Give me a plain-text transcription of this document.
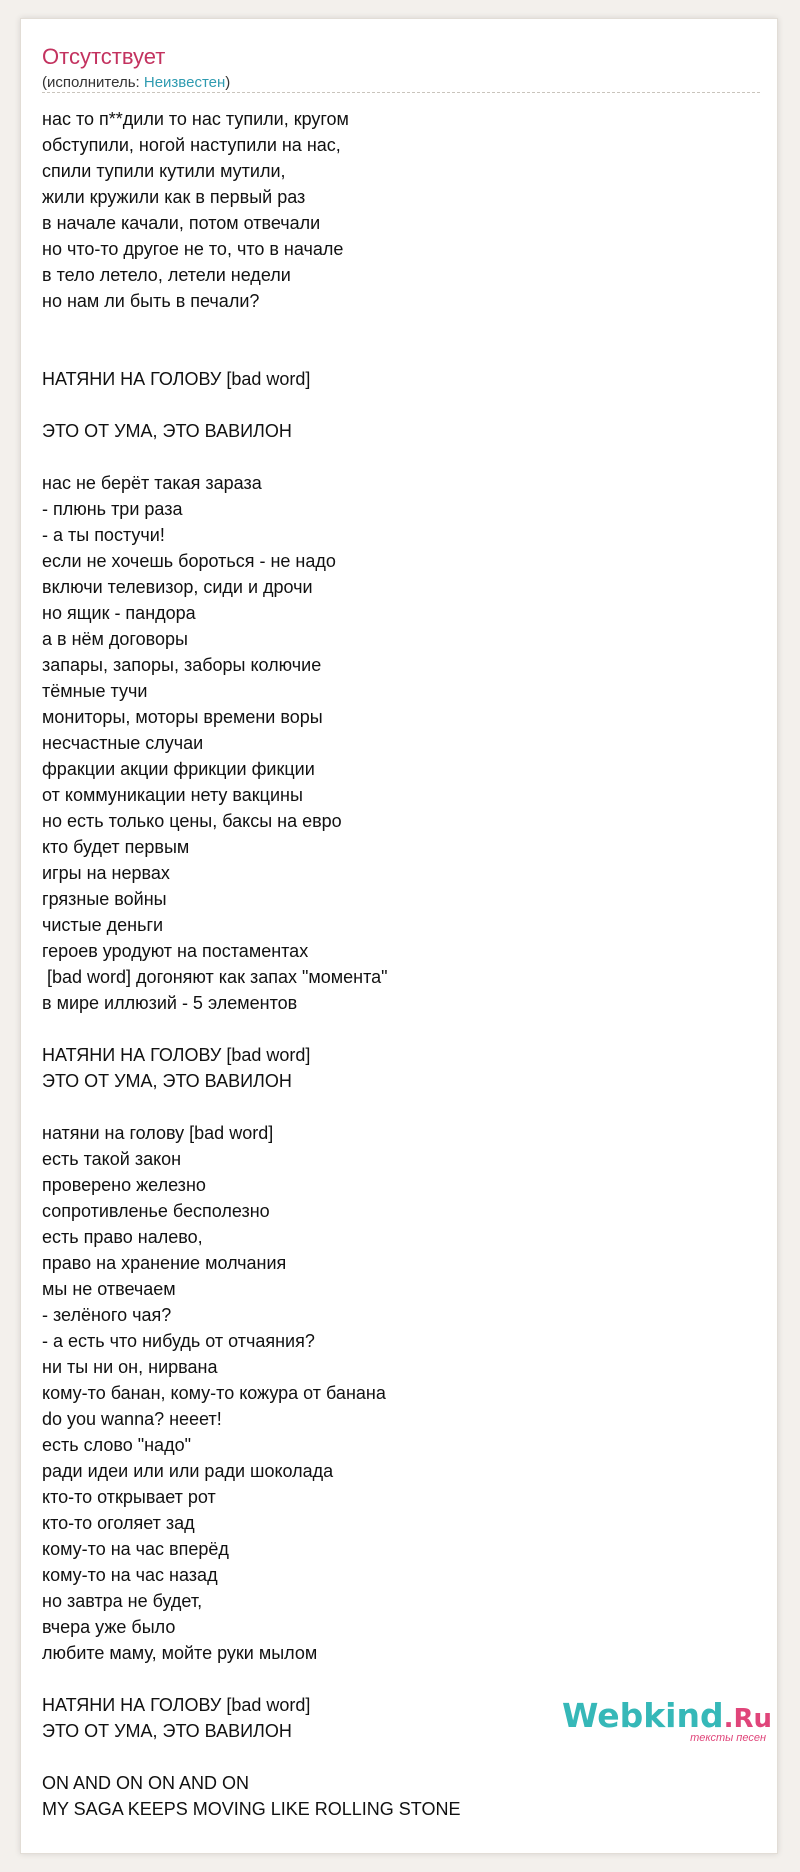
Отсутствует
(исполнитель: Неизвестен)
нас то п**дили то нас тупили, кругом
обступили, ногой наступили на нас,
спили тупили кутили мутили,
жили кружили как в первый раз
в начале качали, потом отвечали
но что-то другое не то, что в начале
в тело летело, летели недели
но нам ли быть в печали?
НАТЯНИ НА ГОЛОВУ [bad word]
ЭТО ОТ УМА, ЭТО ВАВИЛОН
нас не берёт такая зараза
- плюнь три раза
- а ты постучи!
если не хочешь бороться - не надо
включи телевизор, сиди и дрочи
но ящик - пандора
а в нём договоры
запары, запоры, заборы колючие
тёмные тучи
мониторы, моторы времени воры
несчастные случаи
фракции акции фрикции фикции
от коммуникации нету вакцины
но есть только цены, баксы на евро
кто будет первым
игры на нервах
грязные войны
чистые деньги
героев уродуют на постаментах
[bad word] догоняют как запах "момента"
в мире иллюзий - 5 элементов
НАТЯНИ НА ГОЛОВУ [bad word]
ЭТО ОТ УМА, ЭТО ВАВИЛОН
натяни на голову [bad word]
есть такой закон
проверено железно
сопротивленье бесполезно
есть право налево,
право на хранение молчания
мы не отвечаем
- зелёного чая?
- а есть что нибудь от отчаяния?
ни ты ни он, нирвана
кому-то банан, кому-то кожура от банана
do you wanna? нееет!
есть слово "надо"
ради идеи или или ради шоколада
кто-то открывает рот
кто-то оголяет зад
кому-то на час вперёд
кому-то на час назад
но завтра не будет,
вчера уже было
любите маму, мойте руки мылом
НАТЯНИ НА ГОЛОВУ [bad word]
ЭТО ОТ УМА, ЭТО ВАВИЛОН
ON AND ON ON AND ON
MY SAGA KEEPS MOVING LIKE ROLLING STONE
Webkind.Ru
тексты песен
